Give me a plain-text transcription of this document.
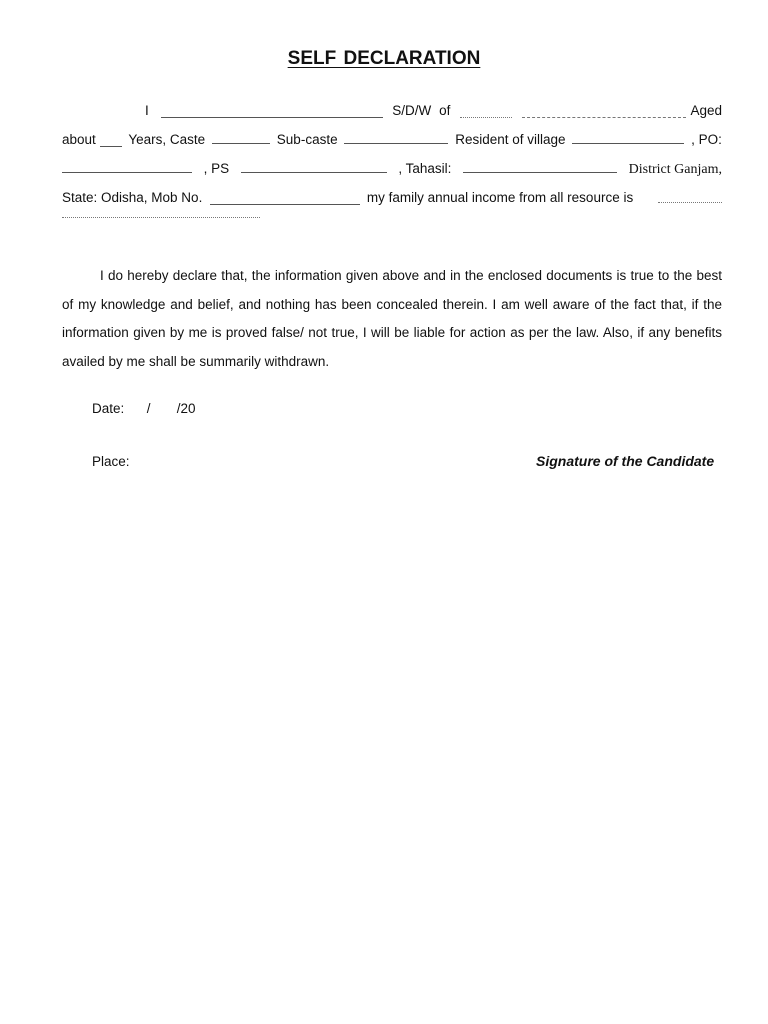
SELF DECLARATION
I	S/D/W of	Aged
about	Years, Caste	Sub-caste	Resident of village	, PO:
, PS	, Tahasil:	District Ganjam,
State: Odisha, Mob No.	my family annual income from all resource is

I do hereby declare that, the information given above and in the enclosed documents is true to the best of my knowledge and belief, and nothing has been concealed therein. I am well aware of the fact that, if the information given by me is proved false/ not true, I will be liable for action as per the law. Also, if any benefits availed by me shall be summarily withdrawn.

Date:      /       /20
Place:	Signature of the Candidate
